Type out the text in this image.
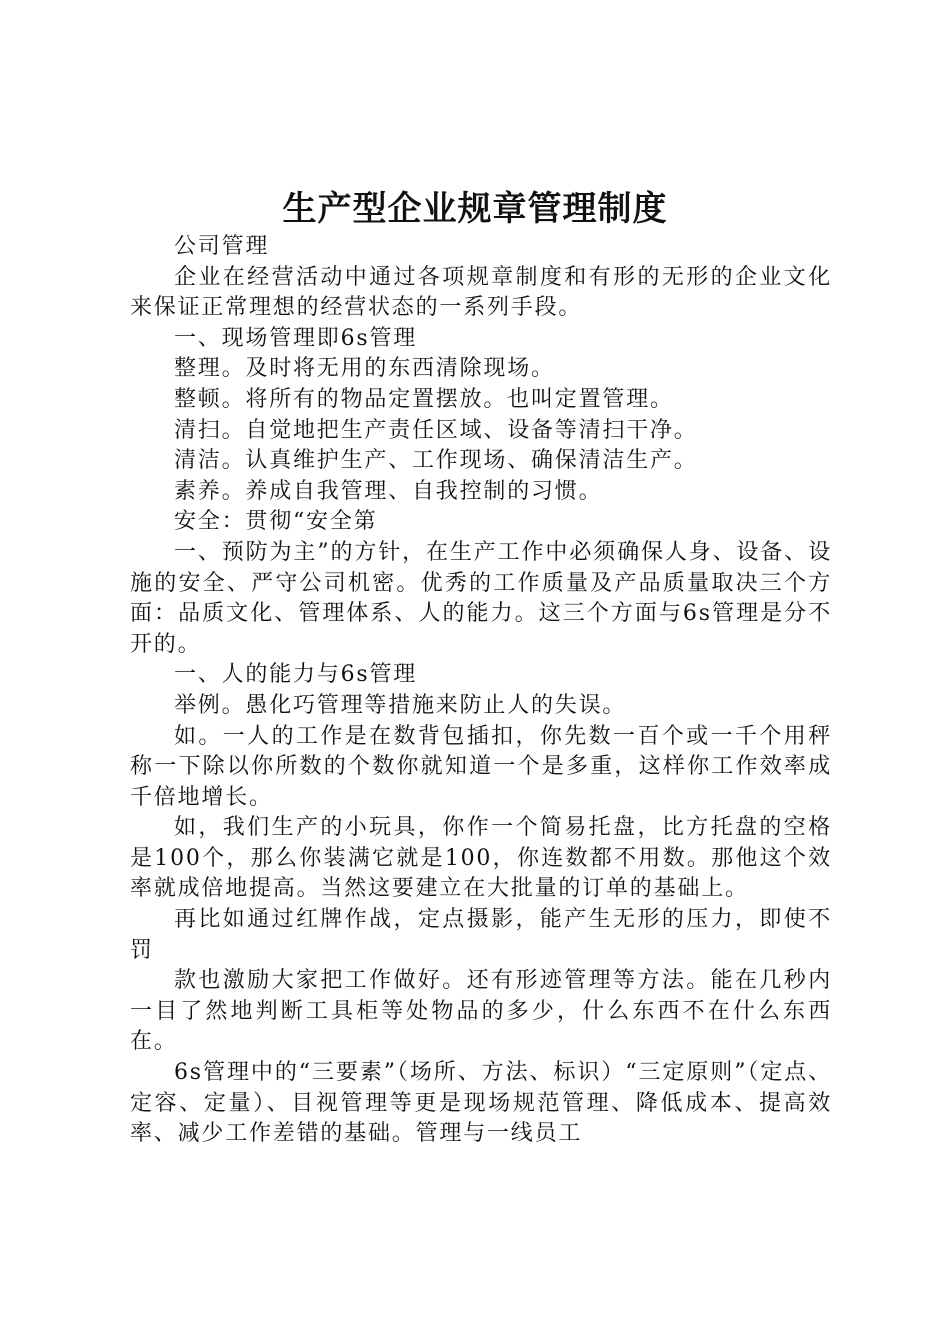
生产型企业规章管理制度

公司管理

企业在经营活动中通过各项规章制度和有形的无形的企业文化来保证正常理想的经营状态的一系列手段。

一、现场管理即6s管理

整理。及时将无用的东西清除现场。

整顿。将所有的物品定置摆放。也叫定置管理。

清扫。自觉地把生产责任区域、设备等清扫干净。

清洁。认真维护生产、工作现场、确保清洁生产。

素养。养成自我管理、自我控制的习惯。

安全：贯彻“安全第

一、预防为主”的方针，在生产工作中必须确保人身、设备、设施的安全、严守公司机密。优秀的工作质量及产品质量取决三个方面：品质文化、管理体系、人的能力。这三个方面与6s管理是分不开的。

一、人的能力与6s管理

举例。愚化巧管理等措施来防止人的失误。

如。一人的工作是在数背包插扣，你先数一百个或一千个用秤称一下除以你所数的个数你就知道一个是多重，这样你工作效率成千倍地增长。

如，我们生产的小玩具，你作一个简易托盘，比方托盘的空格是100个，那么你装满它就是100，你连数都不用数。那他这个效率就成倍地提高。当然这要建立在大批量的订单的基础上。

再比如通过红牌作战，定点摄影，能产生无形的压力，即使不罚

款也激励大家把工作做好。还有形迹管理等方法。能在几秒内一目了然地判断工具柜等处物品的多少，什么东西不在什么东西在。

6s管理中的“三要素”（场所、方法、标识）“三定原则”（定点、定容、定量）、目视管理等更是现场规范管理、降低成本、提高效率、减少工作差错的基础。管理与一线员工
